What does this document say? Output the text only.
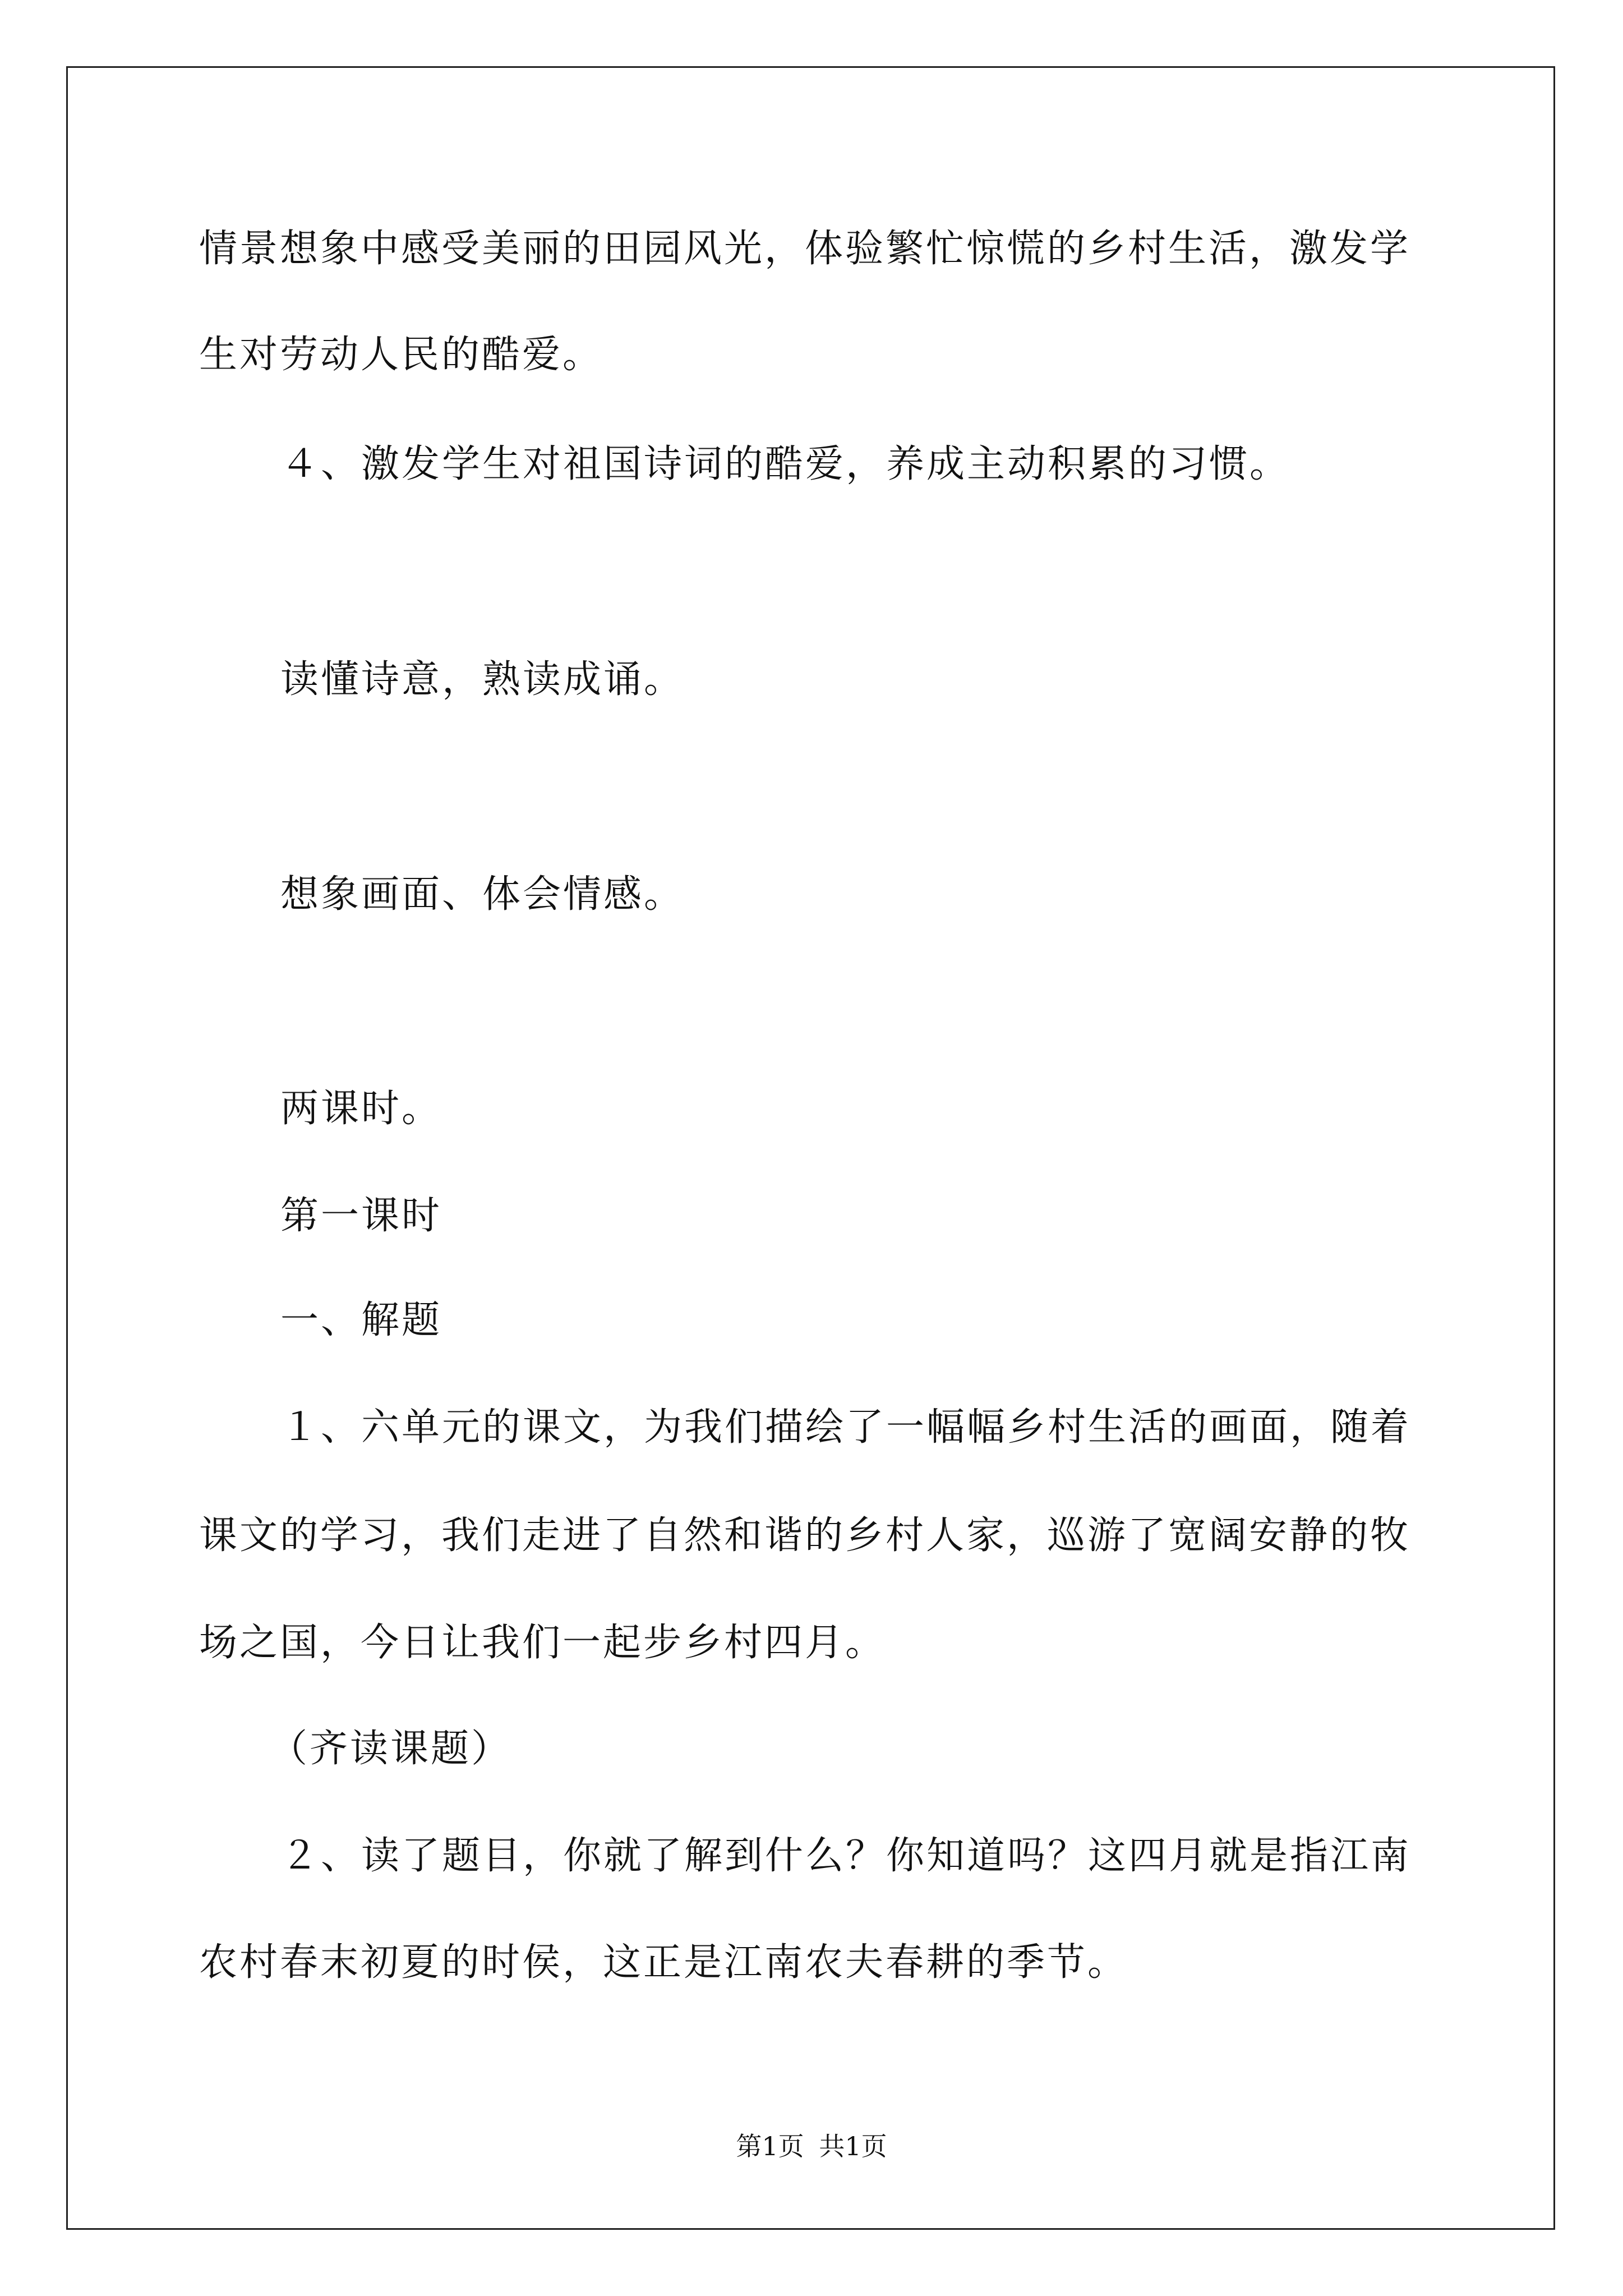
情景想象中感受美丽的田园风光，体验繁忙惊慌的乡村生活，激发学
生对劳动人民的酷爱。
４、激发学生对祖国诗词的酷爱，养成主动积累的习惯。
读懂诗意，熟读成诵。
想象画面、体会情感。
两课时。
第一课时
一、解题
１、六单元的课文，为我们描绘了一幅幅乡村生活的画面，随着
课文的学习，我们走进了自然和谐的乡村人家，巡游了宽阔安静的牧
场之国，今日让我们一起步乡村四月。
（齐读课题）
２、读了题目，你就了解到什么？你知道吗？这四月就是指江南
农村春末初夏的时侯，这正是江南农夫春耕的季节。
第1页 共1页
